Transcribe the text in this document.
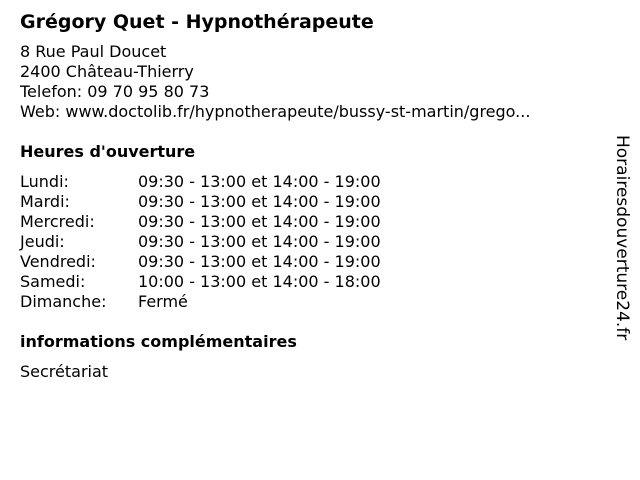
Grégory Quet - Hypnothérapeute
8 Rue Paul Doucet
2400 Château-Thierry
Telefon: 09 70 95 80 73
Web: www.doctolib.fr/hypnotherapeute/bussy-st-martin/grego...
Heures d'ouverture
Lundi:	09:30 - 13:00 et 14:00 - 19:00
Mardi:	09:30 - 13:00 et 14:00 - 19:00
Mercredi:	09:30 - 13:00 et 14:00 - 19:00
Jeudi:	09:30 - 13:00 et 14:00 - 19:00
Vendredi:	09:30 - 13:00 et 14:00 - 19:00
Samedi:	10:00 - 13:00 et 14:00 - 18:00
Dimanche:	Fermé
informations complémentaires
Secrétariat
Horairesdouverture24.fr
